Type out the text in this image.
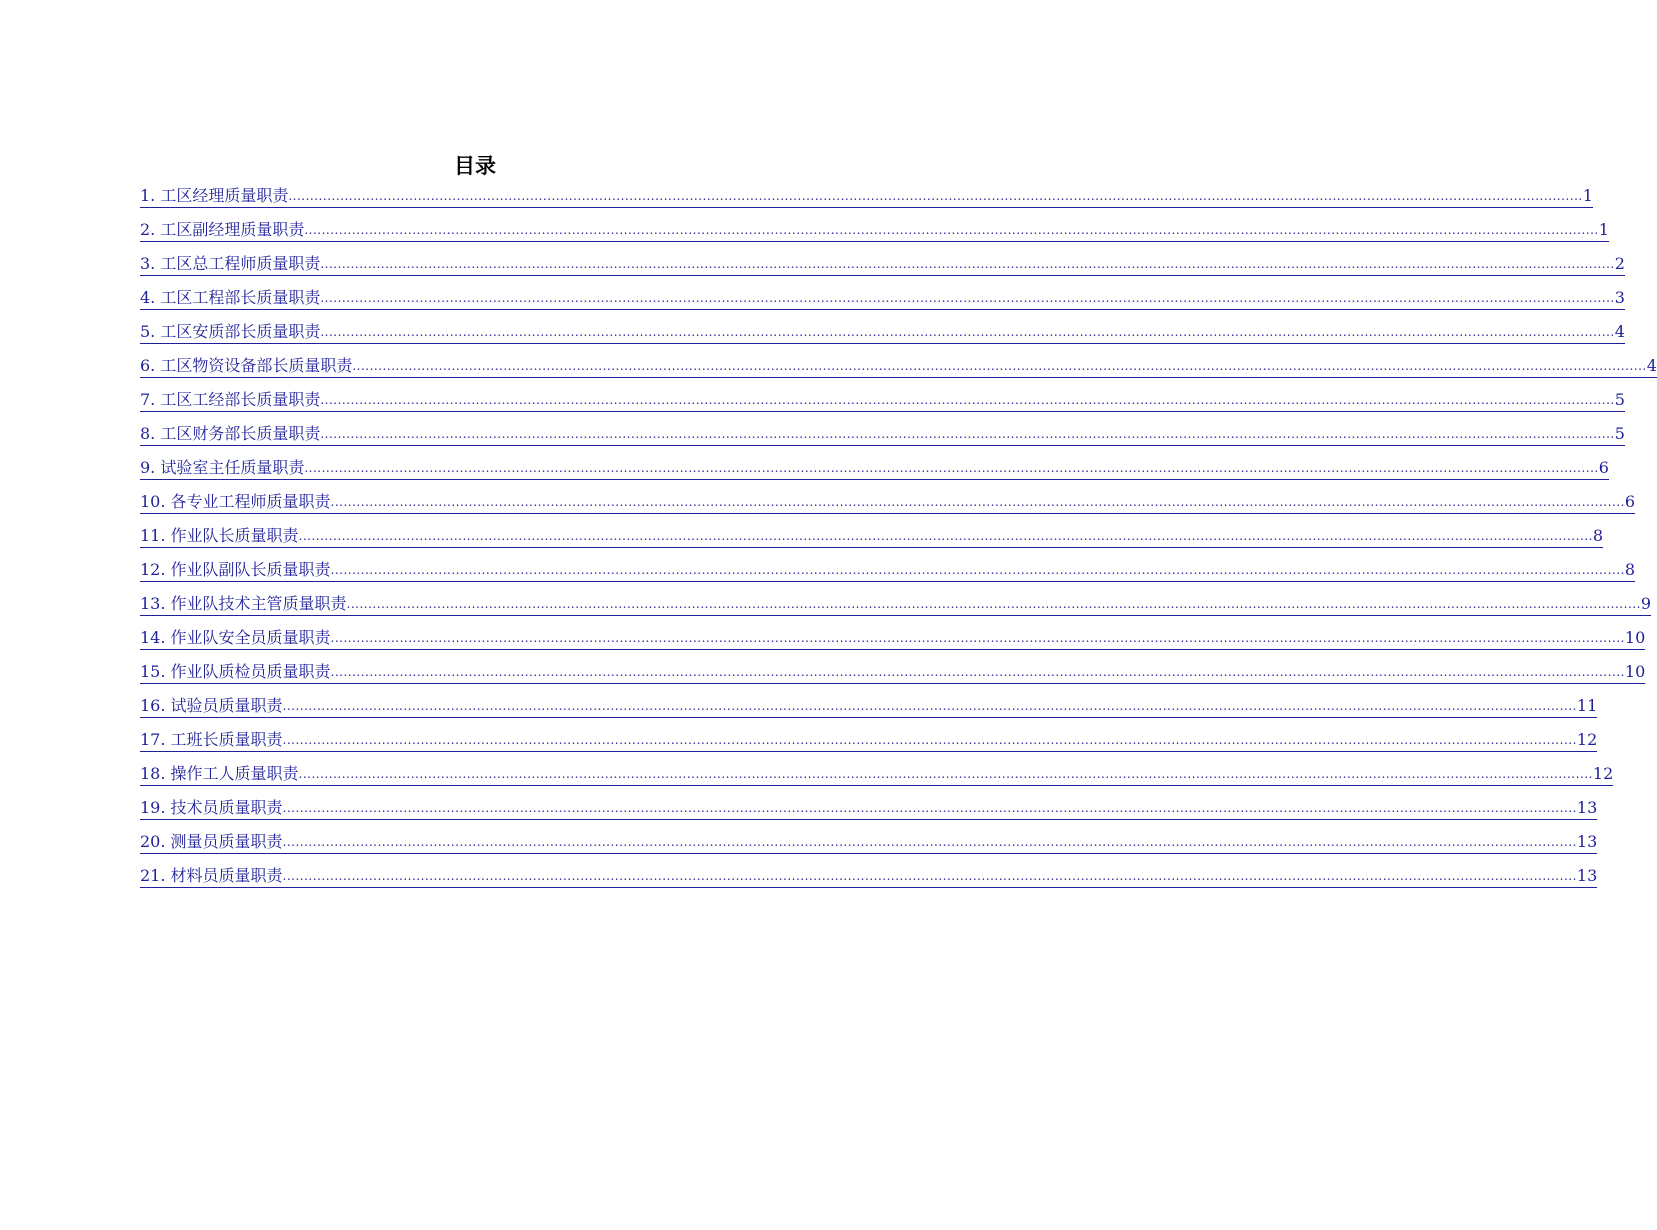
目录
1. 工区经理质量职责 ............................................................................................................................................................................................................................................................................................................ 1
2. 工区副经理质量职责 ............................................................................................................................................................................................................................................................................................................ 1
3. 工区总工程师质量职责 ............................................................................................................................................................................................................................................................................................................ 2
4. 工区工程部长质量职责 ............................................................................................................................................................................................................................................................................................................ 3
5. 工区安质部长质量职责 ............................................................................................................................................................................................................................................................................................................ 4
6. 工区物资设备部长质量职责 ............................................................................................................................................................................................................................................................................................................ 4
7. 工区工经部长质量职责 ............................................................................................................................................................................................................................................................................................................ 5
8. 工区财务部长质量职责 ............................................................................................................................................................................................................................................................................................................ 5
9. 试验室主任质量职责 ............................................................................................................................................................................................................................................................................................................ 6
10. 各专业工程师质量职责 ............................................................................................................................................................................................................................................................................................................ 6
11. 作业队长质量职责 ............................................................................................................................................................................................................................................................................................................ 8
12. 作业队副队长质量职责 ............................................................................................................................................................................................................................................................................................................ 8
13. 作业队技术主管质量职责 ............................................................................................................................................................................................................................................................................................................ 9
14. 作业队安全员质量职责 ............................................................................................................................................................................................................................................................................................................ 10
15. 作业队质检员质量职责 ............................................................................................................................................................................................................................................................................................................ 10
16. 试验员质量职责 ............................................................................................................................................................................................................................................................................................................ 11
17. 工班长质量职责 ............................................................................................................................................................................................................................................................................................................ 12
18. 操作工人质量职责 ............................................................................................................................................................................................................................................................................................................ 12
19. 技术员质量职责 ............................................................................................................................................................................................................................................................................................................ 13
20. 测量员质量职责 ............................................................................................................................................................................................................................................................................................................ 13
21. 材料员质量职责 ............................................................................................................................................................................................................................................................................................................ 13
